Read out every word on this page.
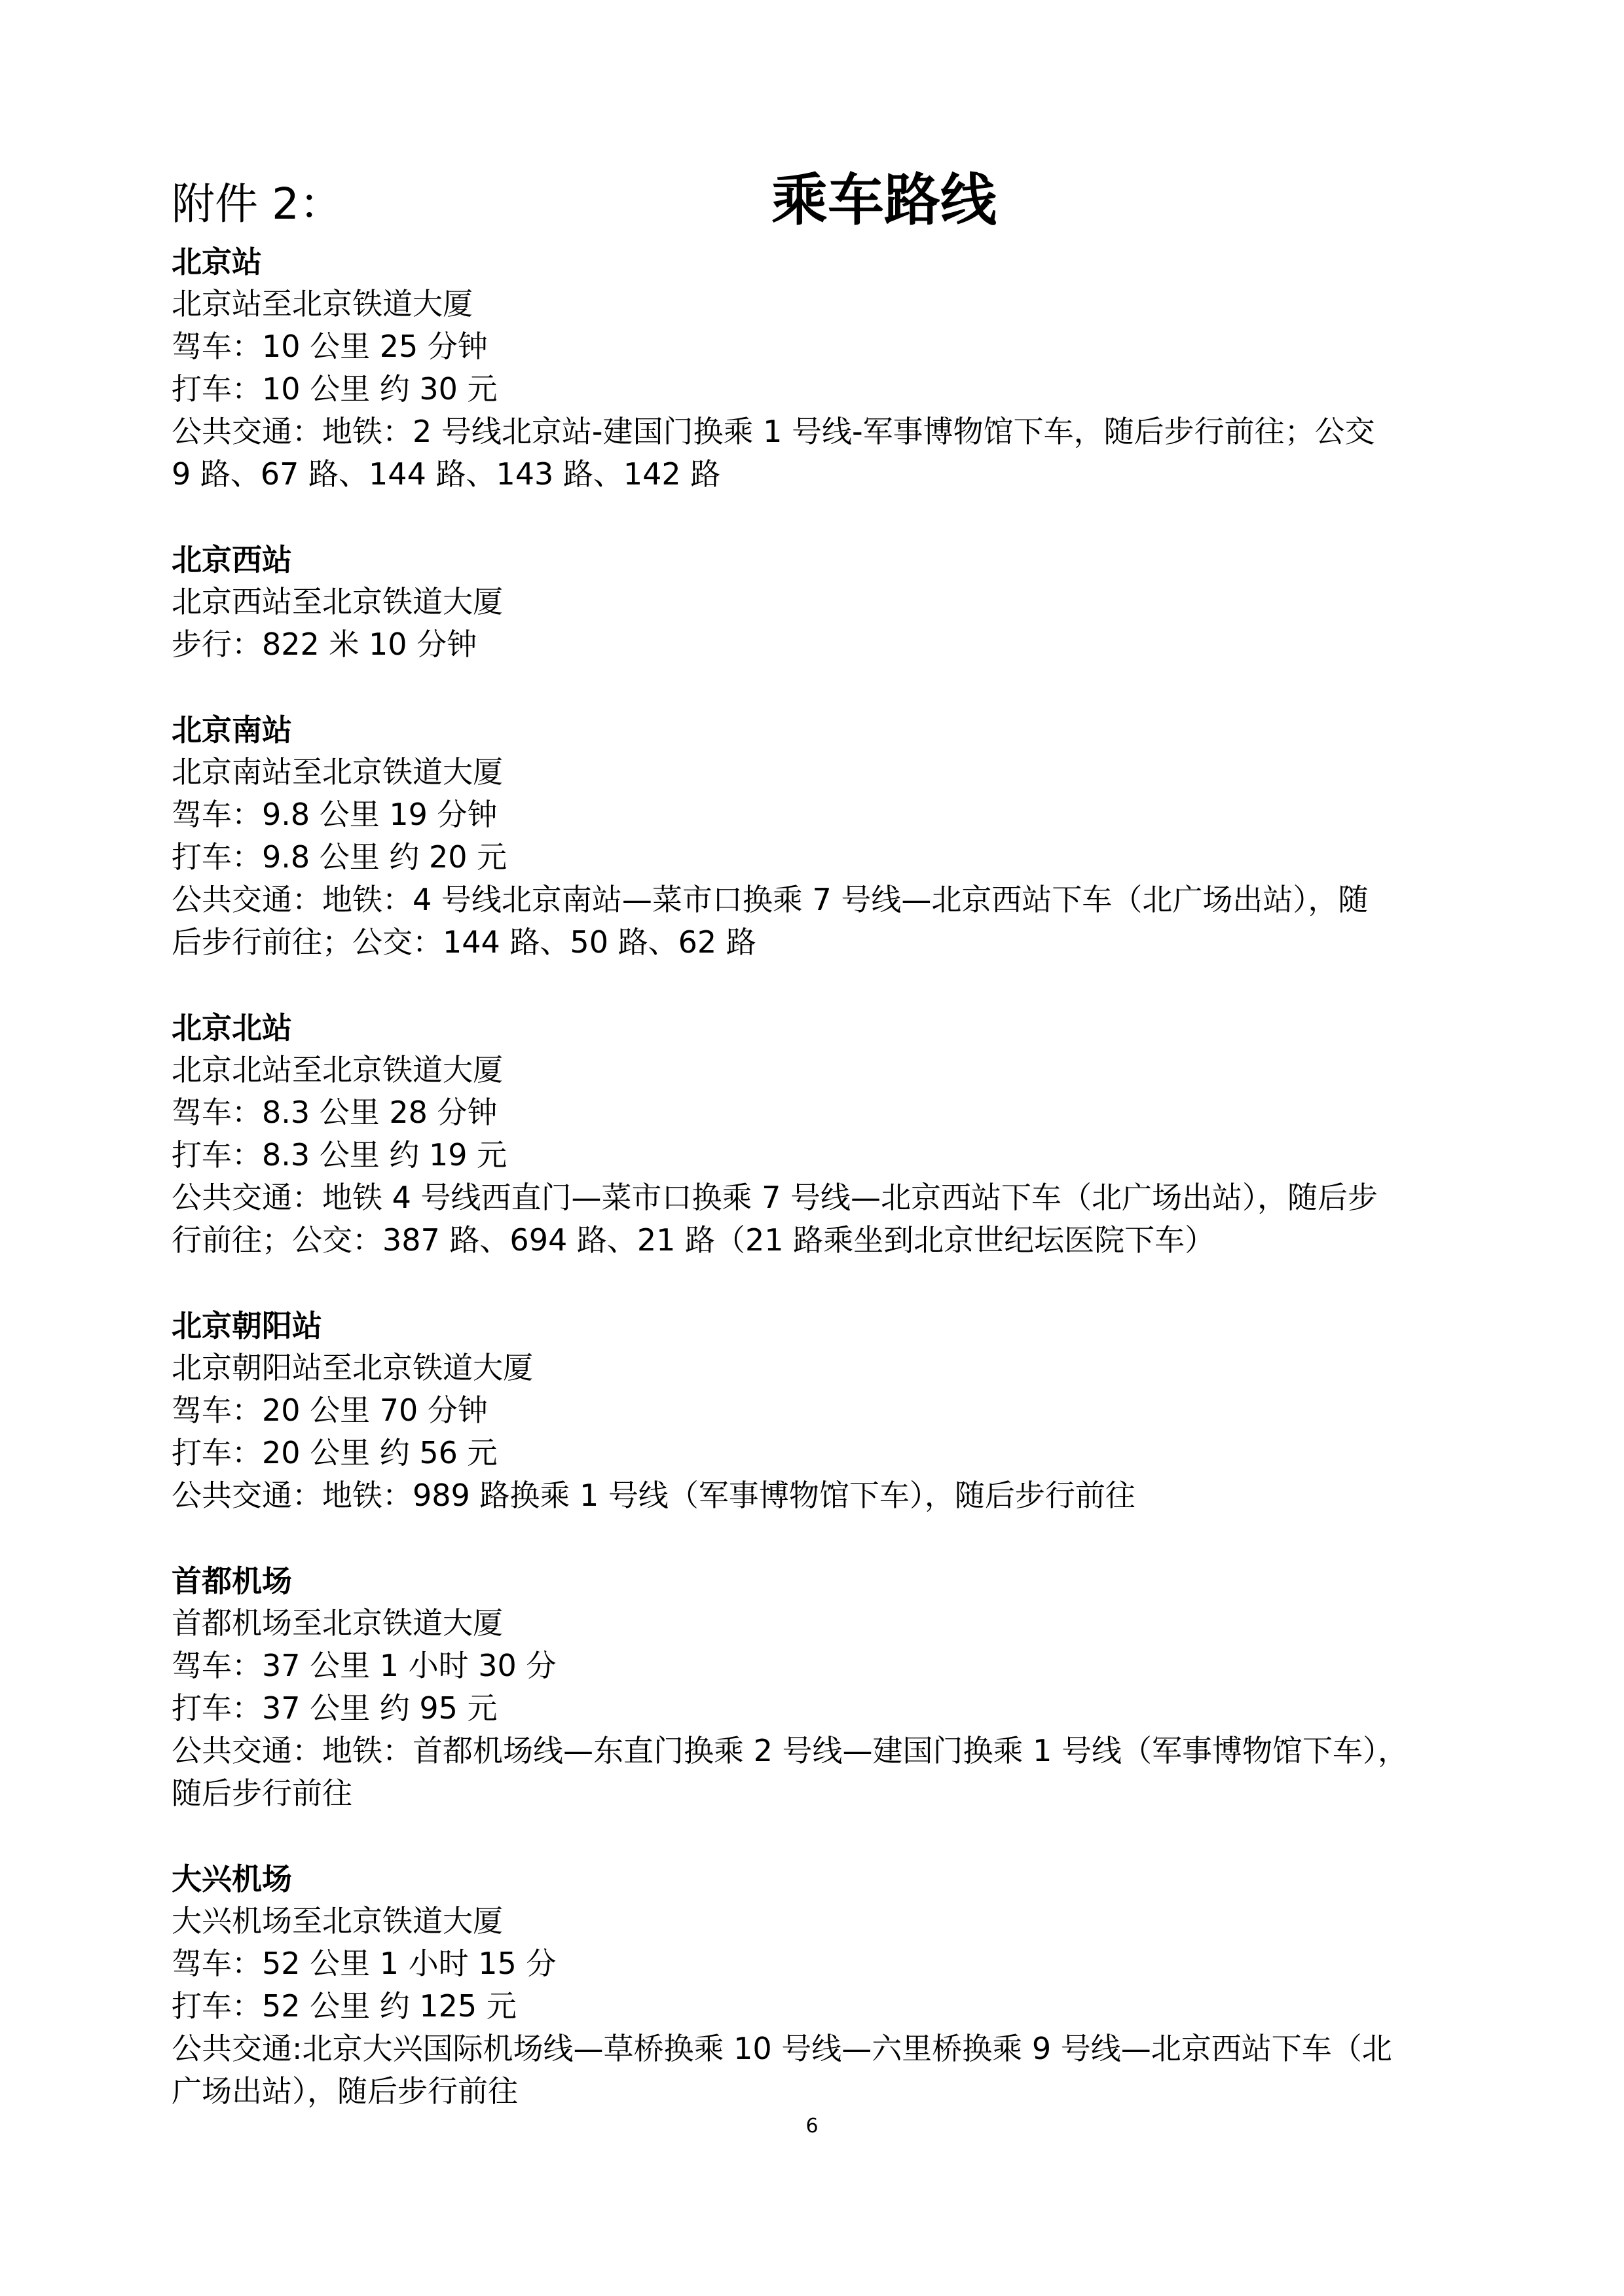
附件 2：	乘车路线
北京站
北京站至北京铁道大厦
驾车：10 公里 25 分钟
打车：10 公里 约 30 元
公共交通：地铁：2 号线北京站-建国门换乘 1 号线-军事博物馆下车，随后步行前往；公交
9 路、67 路、144 路、143 路、142 路
北京西站
北京西站至北京铁道大厦
步行：822 米 10 分钟
北京南站
北京南站至北京铁道大厦
驾车：9.8 公里 19 分钟
打车：9.8 公里 约 20 元
公共交通：地铁：4 号线北京南站—菜市口换乘 7 号线—北京西站下车（北广场出站），随
后步行前往；公交：144 路、50 路、62 路
北京北站
北京北站至北京铁道大厦
驾车：8.3 公里 28 分钟
打车：8.3 公里 约 19 元
公共交通：地铁 4 号线西直门—菜市口换乘 7 号线—北京西站下车（北广场出站），随后步
行前往；公交：387 路、694 路、21 路（21 路乘坐到北京世纪坛医院下车）
北京朝阳站
北京朝阳站至北京铁道大厦
驾车：20 公里 70 分钟
打车：20 公里 约 56 元
公共交通：地铁：989 路换乘 1 号线（军事博物馆下车），随后步行前往
首都机场
首都机场至北京铁道大厦
驾车：37 公里 1 小时 30 分
打车：37 公里 约 95 元
公共交通：地铁：首都机场线—东直门换乘 2 号线—建国门换乘 1 号线（军事博物馆下车），
随后步行前往
大兴机场
大兴机场至北京铁道大厦
驾车：52 公里 1 小时 15 分
打车：52 公里 约 125 元
公共交通:北京大兴国际机场线—草桥换乘 10 号线—六里桥换乘 9 号线—北京西站下车（北
广场出站），随后步行前往
6
